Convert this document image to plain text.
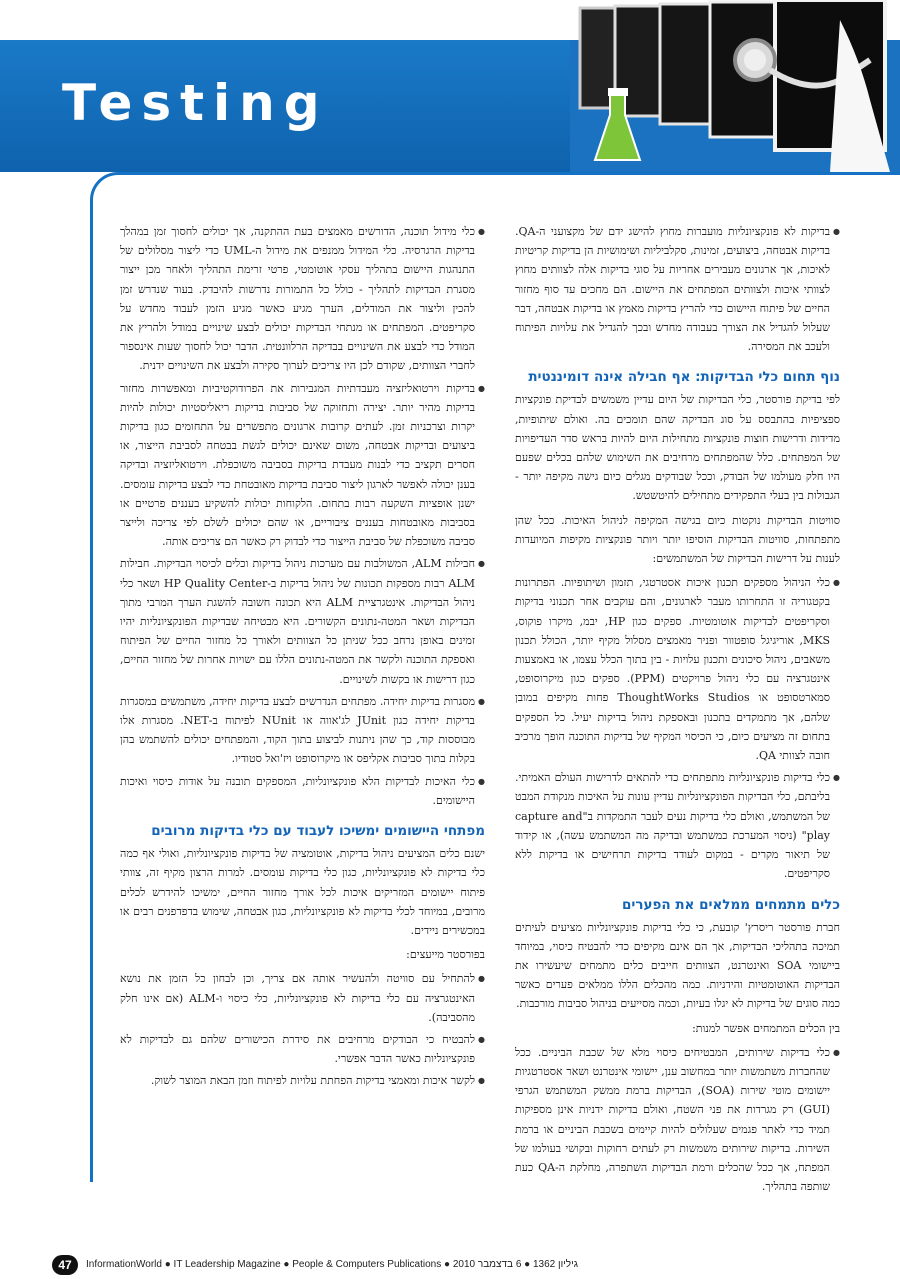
Testing
● בדיקות לא פונקציונליות מועברות מחוץ להישג ידם של מקצועני ה-QA. בדיקות אבטחה, ביצועים, זמינות, סקלביליות ושימושיות הן בדיקות קריטיות לאיכות, אך ארגונים מעבירים אחריות על סוגי בדיקות אלה לצוותים מחוץ לצוותי איכות ולצוותים המפתחים את היישום. הם מחכים עד סוף מחזור החיים של פיתוח היישום כדי להריץ בדיקות מאמץ או בדיקות אבטחה, דבר שעלול להגדיל את הצורך בעבודה מחדש ובכך להגדיל את עלויות הפיתוח ולעכב את המסירה.
נוף תחום כלי הבדיקות: אף חבילה אינה דומיננטית

לפי בדיקת פורסטר, כלי הבדיקות של היום עדיין משמשים לבדיקת פונקציות ספציפיות בהתבסס על סוג הבדיקה שהם תומכים בה. ואולם שיתופיות, מדידות ודרישות חוצות פונקציות מתחילות היום להיות בראש סדר העדיפויות של המפתחים. כלל שהמפתחים מרחיבים את השימוש שלהם בכלים שפעם היו חלק מעולמו של הבודק, וככל שבודקים מגלים כיום גישה מקיפה יותר - הגבולות בין בעלי התפקידים מתחילים להיטשטש.

סוויטות הבדיקות נוקטות כיום בגישה המקיפה לניהול האיכות. ככל שהן מתפתחות, סוויטות הבדיקות הוסיפו יותר ויותר פונקציות מקיפות המיועדות לענות על דרישות הבדיקות של המשתמשים:

● כלי הניהול מספקים תכנון איכות אסטרטגי, תזמון ושיתופיות. הפתרונות בקטגוריה זו התחרותו מעבר לארגונים, והם עוקבים אחר תכנוני בדיקות וסקריפטים לבדיקות אוטומטיות. ספקים כגון HP, יבמ, מיקרו פוקוס, MKS, אוריגיגל סופטוור ופניר מאמצים מסלול מקיף יותר, הכולל תכנון משאבים, ניהול סיכונים ותכנון עלויות - בין בתוך הכלל עצמו, או באמצעות אינטגרציה עם כלי ניהול פרויקטים (PPM). ספקים כגון מיקרוסופט, סמארטסופט או ThoughtWorks Studios פחות מקיפים במובן שלהם, אך מתמקדים בתכנון ובאספקת ניהול בדיקות יעיל. כל הספקים בתחום זה מציעים כיום, כי הכיסוי המקיף של בדיקות התוכנה הופך מרכיב חובה לצוותי QA.
● כלי בדיקות פונקציונליות מתפתחים כדי להתאים לדרישות העולם האמיתי. בליבתם, כלי הבדיקות הפונקציונליות עדיין עונות על האיכות מנקודת המבט של המשתמש, ואולם כלי בדיקות נעים לעבר התמקדות ב"capture and play" (ניסוי המערכת כמשתמש ובדיקה מה המשתמש עשה), או קידוד של תיאור מקרים - במקום לעודד בדיקות תרחישים או בדיקות ללא סקריפטים.
כלים מתמחים ממלאים את הפערים

חברת פורסטר ריסרץ' קובעת, כי כלי בדיקות פונקציונליות מציעים לעיתים תמיכה בתהליכי הבדיקות, אך הם אינם מקיפים כדי להבטיח כיסוי, במיוחד ביישומי SOA ואינטרנט, הצוותים חייבים כלים מתמחים שיעשירו את הבדיקות האוטומטיות והידניות. כמה מהכלים הללו ממלאים פערים כאשר כמה סוגים של בדיקות לא יגלו בעיות, וכמה מסייעים בניהול סביבות מורכבות.

בין הכלים המתמחים אפשר למנות:

● כלי בדיקות שירותים, המבטיחים כיסוי מלא של שכבת הביניים. ככל שהחברות משתמשות יותר במחשוב ענן, יישומי אינטרנט ושאר אסטרטגיות יישומים מוטי שירות (SOA), הבדיקות ברמת ממשק המשתמש הגרפי (GUI) רק מגרדות את פני השטח, ואולם בדיקות ידניות אינן מספיקות תמיד כדי לאתר פגמים שעלולים להיות קיימים בשכבת הביניים או ברמת השירות. בדיקות שירותים משמשות רק לעתים רחוקות ובקושי בעולמו של המפתח, אך ככל שהכלים ורמת הבדיקות השתפרה, מחלקת ה-QA כעת שותפה בתהליך.
● כלי מידול תוכנה, הדורשים מאמצים בעת ההתקנה, אך יכולים לחסוך זמן במהלך בדיקות הרגרסיה. כלי המידול ממנפים את מידול ה-UML כדי ליצור מסלולים של התנהגות היישום בתהליך עסקי אוטומטי, פרטי זרימת התהליך ולאחר מכן ייצור מסגרת הבדיקות לתהליך - כולל כל התמורות נדרשות להיבדק. בעוד שנדרש זמן להכין וליצור את המודלים, הערך מגיע כאשר מגיע הזמן לעבוד מחדש על סקריפטים. המפתחים או מנתחי הבדיקות יכולים לבצע שינויים במודל ולהריץ את המודל כדי לבצע את השינויים בבדיקה הרלוונטית. הדבר יכול לחסוך שעות אינספור לחברי הצוותים, שקודם לכן היו צריכים לערוך סקירה ולבצע את השינויים ידנית.
● בדיקות וירטואליזציה מעבדתיות המגבירות את הפרודוקטיביות ומאפשרות מחזור בדיקות מהיר יותר. יצירה ותחזוקה של סביבות בדיקות ריאליסטיות יכולות להיות יקרות וצרכניות זמן. לעתים קרובות ארגונים מתפשרים על התחומים כגון בדיקות ביצועים ובדיקות אבטחה, משום שאינם יכולים לגשת בבטחה לסביבת הייצור, או חסרים תקציב כדי לבנות מעבדת בדיקות בסביבה משוכפלת. וירטואליזציה ובדיקה בענן יכולה לאפשר לארגון ליצור סביבת בדיקות מאובטחת כדי לבצע בדיקות עומסים. ישנן אופציות השקעה רבות בתחום. הלקוחות יכולות להשקיע בעננים פרטיים או בסביבות מאובטחות בעננים ציבוריים, או שהם יכולים לשלם לפי צריכה ולייצר סביבה משוכפלת של סביבת הייצור כדי לבדוק רק כאשר הם צריכים אותה.
● חבילות ALM, המשולבות עם מערכות ניהול בדיקות וכלים לכיסוי הבדיקות. חבילות ALM רבות מספקות תכונות של ניהול בדיקות ב-HP Quality Center ושאר כלי ניהול הבדיקות. אינטגרציית ALM היא תכונה חשובה להשגת הערך המרבי מתוך הבדיקות ושאר המטה-נתונים הקשורים. היא מבטיחה שבדיקות הפונקציונליות יהיו זמינים באופן נרחב ככל שניתן כל הצוותים ולאורך כל מחזור החיים של הפיתוח ואספקת התוכנה ולקשר את המטה-נתונים הללו עם ישויות אחרות של מחזור החיים, כגון דרישות או בקשות לשינויים.
● מסגרות בדיקות יחידה. מפתחים הנדרשים לבצע בדיקות יחידה, משתמשים במסגרות בדיקות יחידה כגון JUnit לג'אווה או NUnit לפיתוח ב-NET. מסגרות אלו מבוססות קוד, כך שהן ניתנות לביצוע בתוך הקוד, והמפתחים יכולים להשתמש בהן בקלות בתוך סביבות אקליפס או מיקרוסופט ויז'ואל סטודיו.
● כלי האיכות לבדיקות הלא פונקציונליות, המספקים תובנה על אודות כיסוי ואיכות היישומים.
מפתחי היישומים ימשיכו לעבוד עם כלי בדיקות מרובים

ישנם כלים המציעים ניהול בדיקות, אוטומציה של בדיקות פונקציונליות, ואולי אף כמה כלי בדיקות לא פונקציונליות, כגון כלי בדיקות עומסים. למרות הרצון מקיף זה, צוותי פיתוח יישומים המזריקים איכות לכל אורך מחזור החיים, ימשיכו להידרש לכלים מרובים, במיוחד לכלי בדיקות לא פונקציונליות, כגון אבטחה, שימוש בדפדפנים רבים או במכשירים ניידים.

בפורסטר מייעצים:

● להתחיל עם סוויטה ולהעשיר אותה אם צריך, וכן לבחון כל הזמן את נושא האינטגרציה עם כלי בדיקות לא פונקציונליות, כלי כיסוי ו-ALM (אם אינו חלק מהסביבה).
● להבטיח כי הבודקים מרחיבים את סידרת הכישורים שלהם גם לבדיקות לא פונקציונליות כאשר הדבר אפשרי.
● לקשר איכות ומאמצי בדיקות הפחתת עלויות לפיתוח וזמן הבאת המוצר לשוק.
47	InformationWorld ● IT Leadership Magazine ● People & Computers Publications ● 2010 גיליון 1362 ● 6 בדצמבר
